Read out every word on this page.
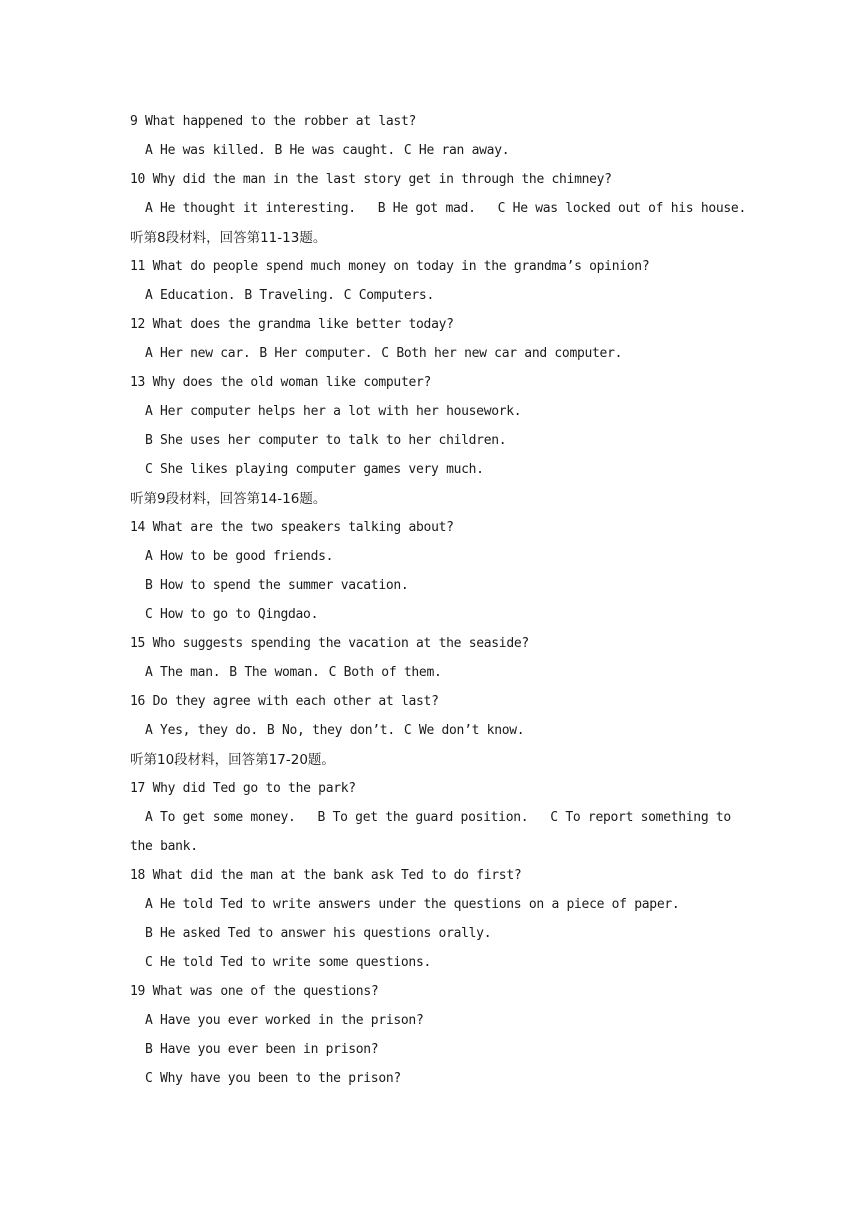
9 What happened to the robber at last?
A He was killed. B He was caught. C He ran away.
10 Why did the man in the last story get in through the chimney?
A He thought it interesting. B He got mad. C He was locked out of his house.
听第8段材料，回答第11-13题。
11 What do people spend much money on today in the grandma’s opinion?
A Education. B Traveling. C Computers.
12 What does the grandma like better today?
A Her new car. B Her computer. C Both her new car and computer.
13 Why does the old woman like computer?
A Her computer helps her a lot with her housework.
B She uses her computer to talk to her children.
C She likes playing computer games very much.
听第9段材料，回答第14-16题。
14 What are the two speakers talking about?
A How to be good friends.
B How to spend the summer vacation.
C How to go to Qingdao.
15 Who suggests spending the vacation at the seaside?
A The man. B The woman. C Both of them.
16 Do they agree with each other at last?
A Yes, they do. B No, they don’t. C We don’t know.
听第10段材料，回答第17-20题。
17 Why did Ted go to the park?
A To get some money. B To get the guard position. C To report something to
the bank.
18 What did the man at the bank ask Ted to do first?
A He told Ted to write answers under the questions on a piece of paper.
B He asked Ted to answer his questions orally.
C He told Ted to write some questions.
19 What was one of the questions?
A Have you ever worked in the prison?
B Have you ever been in prison?
C Why have you been to the prison?
